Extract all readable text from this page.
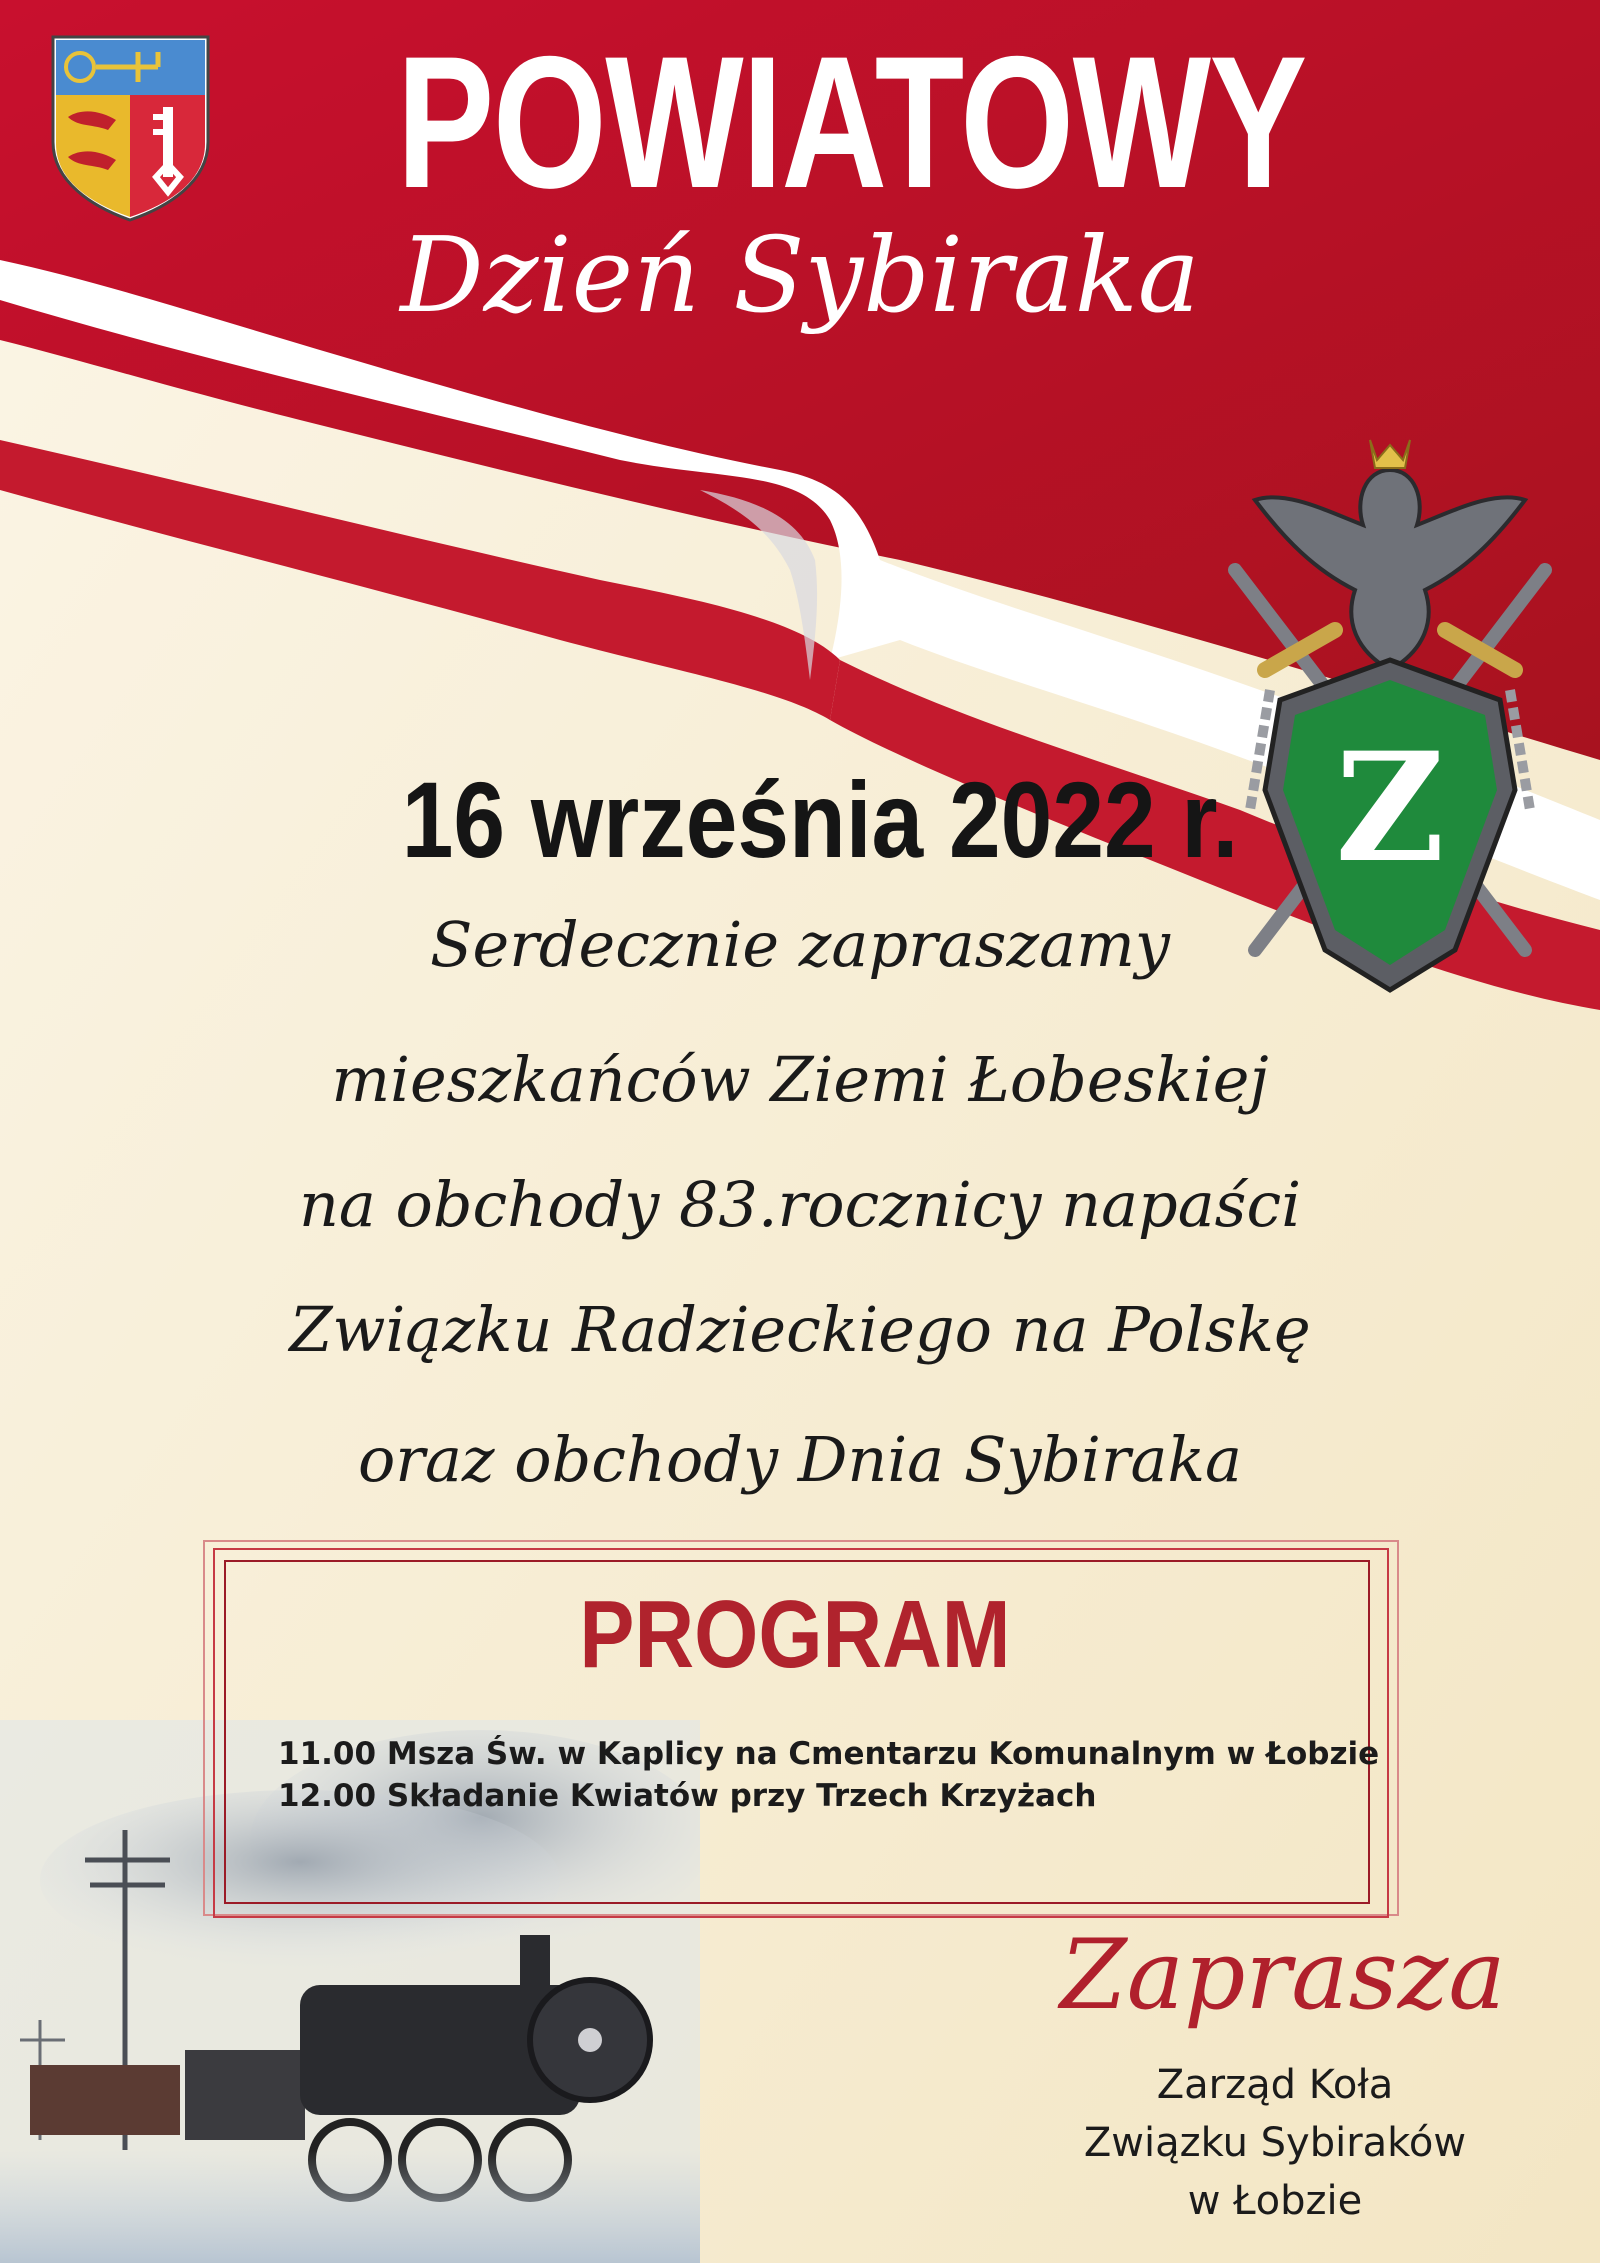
POWIATOWY
Dzień Sybiraka
Z
16 września 2022 r.
Serdecznie zapraszamy
mieszkańców Ziemi Łobeskiej
na obchody 83.rocznicy napaści
Związku Radzieckiego na Polskę
oraz obchody Dnia Sybiraka
PROGRAM
11.00 Msza Św. w Kaplicy na Cmentarzu Komunalnym w Łobzie
12.00 Składanie Kwiatów przy Trzech Krzyżach
Zaprasza
Zarząd Koła
Związku Sybiraków
w Łobzie
